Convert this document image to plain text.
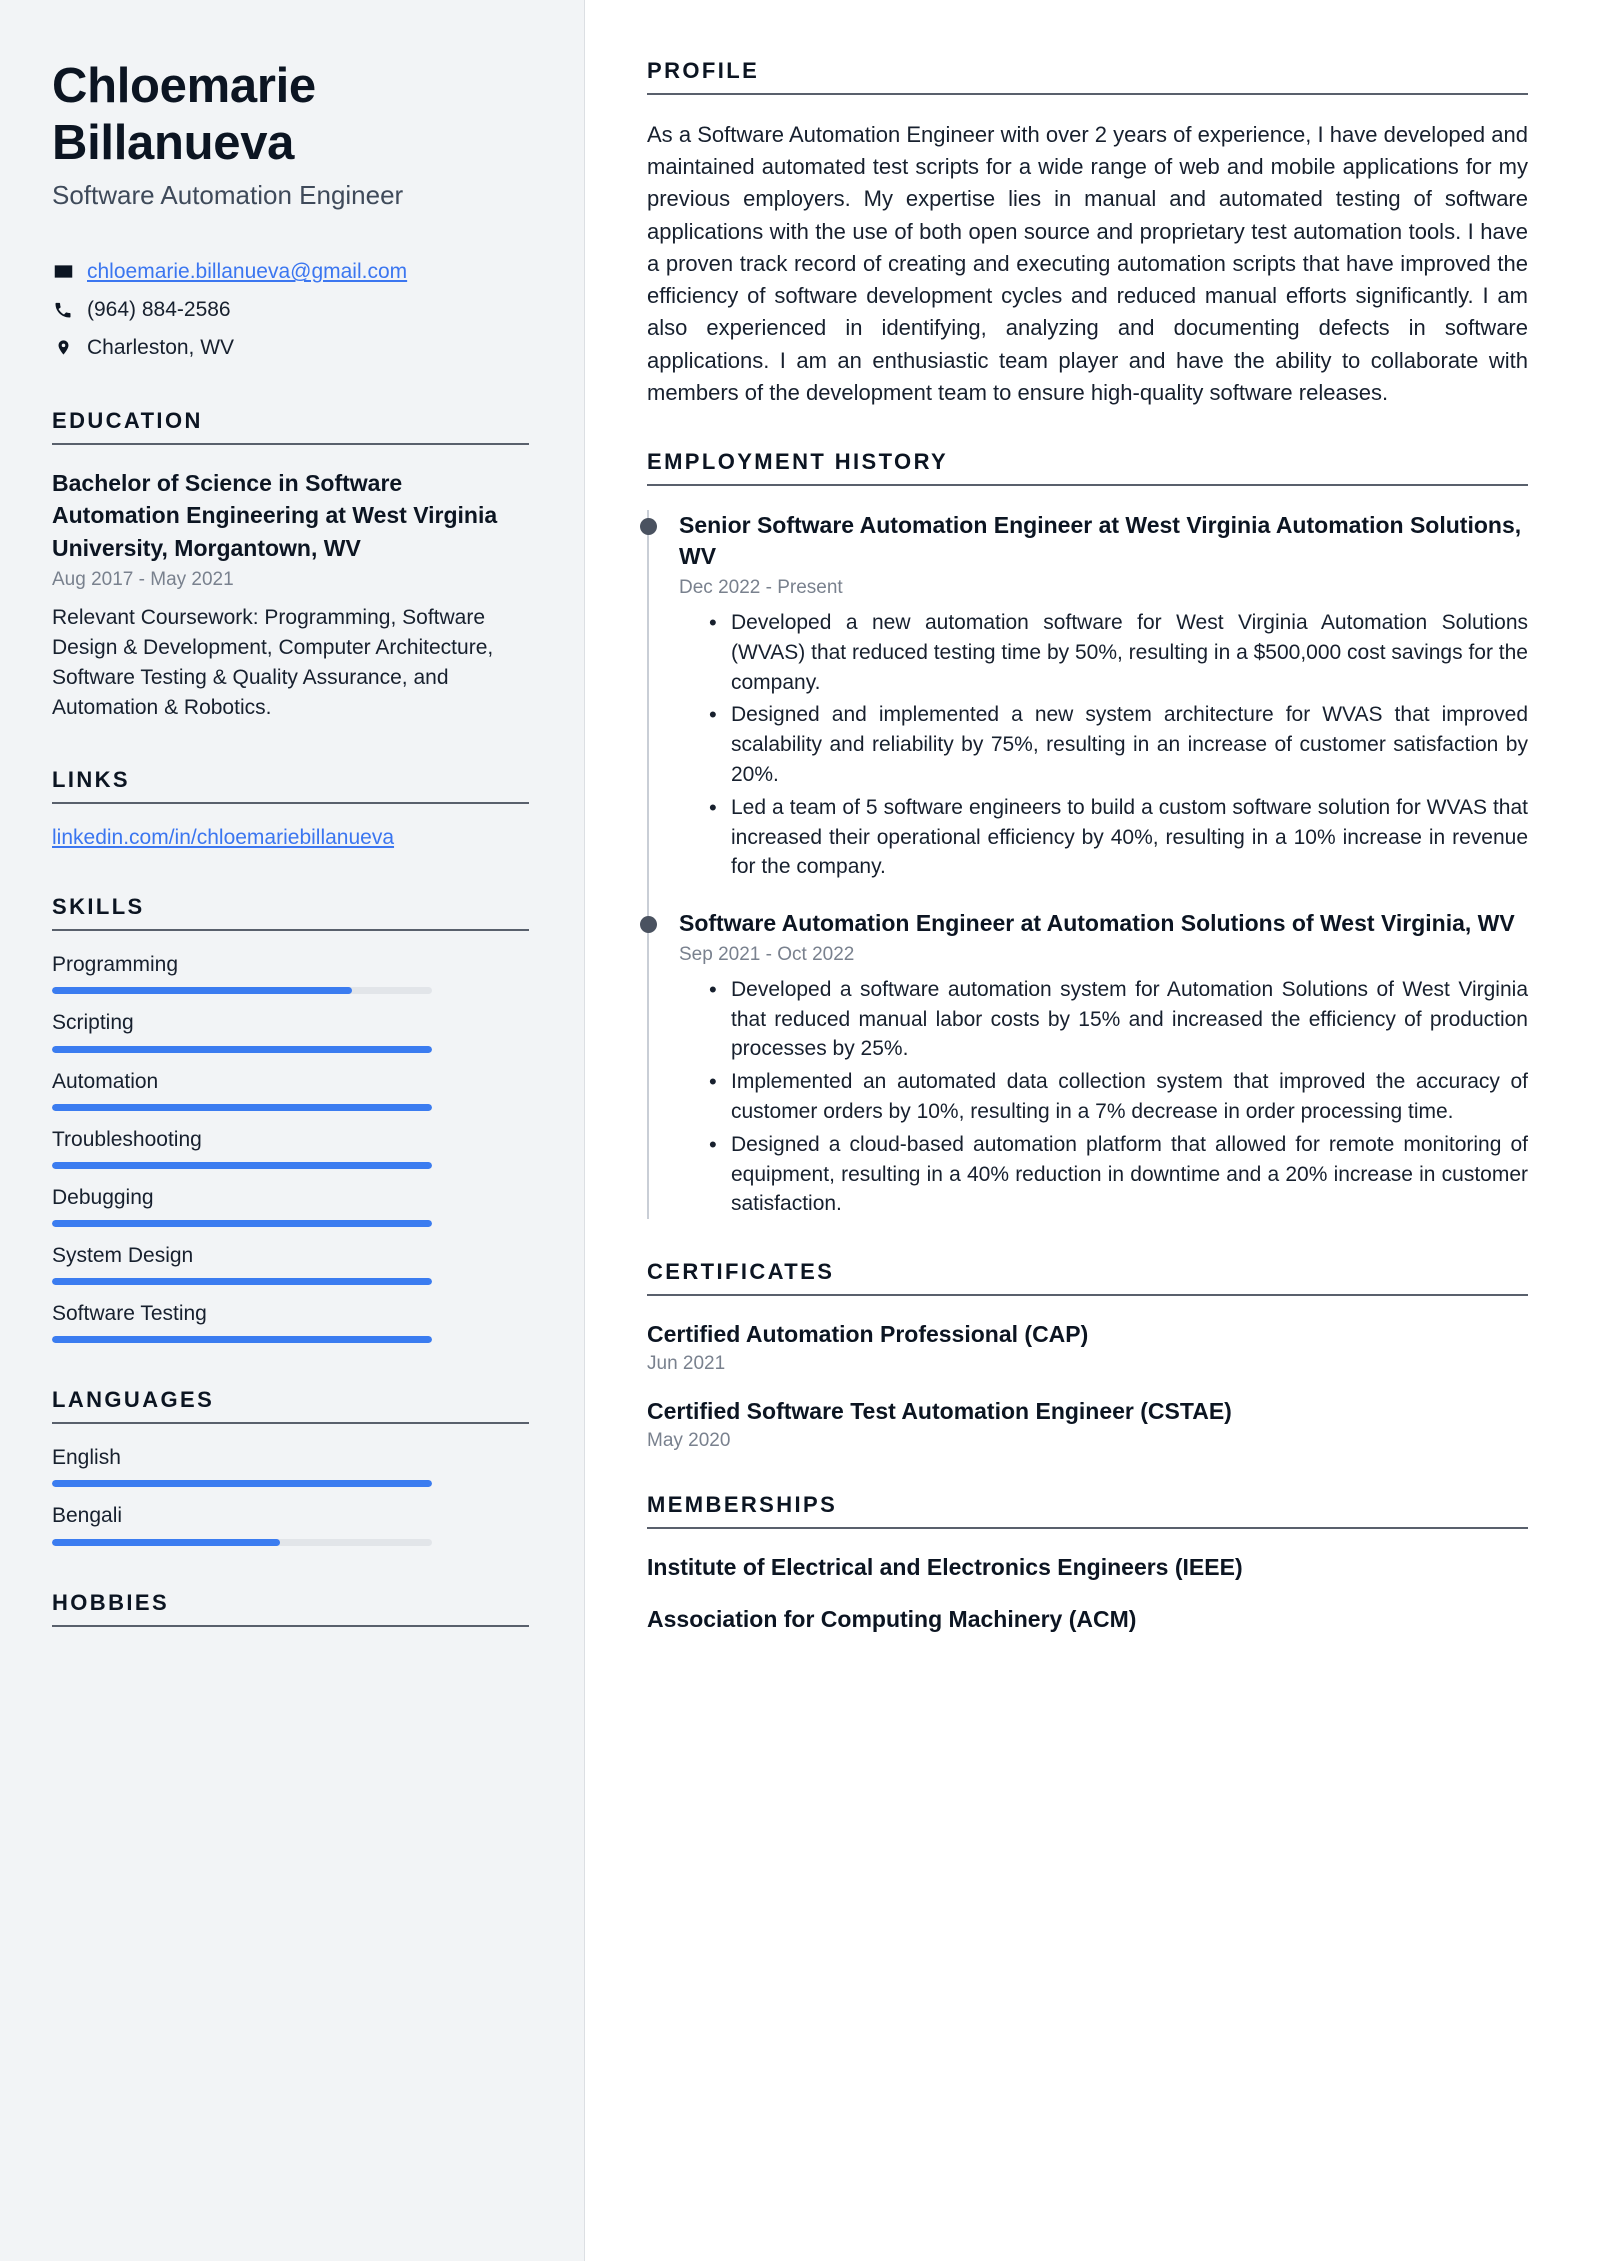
Chloemarie Billanueva
Software Automation Engineer
chloemarie.billanueva@gmail.com
(964) 884-2586
Charleston, WV
EDUCATION
Bachelor of Science in Software Automation Engineering at West Virginia University, Morgantown, WV
Aug 2017 - May 2021
Relevant Coursework: Programming, Software Design & Development, Computer Architecture, Software Testing & Quality Assurance, and Automation & Robotics.
LINKS
linkedin.com/in/chloemariebillanueva
SKILLS
Programming
Scripting
Automation
Troubleshooting
Debugging
System Design
Software Testing
LANGUAGES
English
Bengali
HOBBIES
PROFILE

As a Software Automation Engineer with over 2 years of experience, I have developed and maintained automated test scripts for a wide range of web and mobile applications for my previous employers. My expertise lies in manual and automated testing of software applications with the use of both open source and proprietary test automation tools. I have a proven track record of creating and executing automation scripts that have improved the efficiency of software development cycles and reduced manual efforts significantly. I am also experienced in identifying, analyzing and documenting defects in software applications. I am an enthusiastic team player and have the ability to collaborate with members of the development team to ensure high-quality software releases.

EMPLOYMENT HISTORY
Senior Software Automation Engineer at West Virginia Automation Solutions, WV
Dec 2022 - Present
• Developed a new automation software for West Virginia Automation Solutions (WVAS) that reduced testing time by 50%, resulting in a $500,000 cost savings for the company.
• Designed and implemented a new system architecture for WVAS that improved scalability and reliability by 75%, resulting in an increase of customer satisfaction by 20%.
• Led a team of 5 software engineers to build a custom software solution for WVAS that increased their operational efficiency by 40%, resulting in a 10% increase in revenue for the company.
Software Automation Engineer at Automation Solutions of West Virginia, WV
Sep 2021 - Oct 2022
• Developed a software automation system for Automation Solutions of West Virginia that reduced manual labor costs by 15% and increased the efficiency of production processes by 25%.
• Implemented an automated data collection system that improved the accuracy of customer orders by 10%, resulting in a 7% decrease in order processing time.
• Designed a cloud-based automation platform that allowed for remote monitoring of equipment, resulting in a 40% reduction in downtime and a 20% increase in customer satisfaction.
CERTIFICATES
Certified Automation Professional (CAP)
Jun 2021
Certified Software Test Automation Engineer (CSTAE)
May 2020
MEMBERSHIPS
Institute of Electrical and Electronics Engineers (IEEE)
Association for Computing Machinery (ACM)
